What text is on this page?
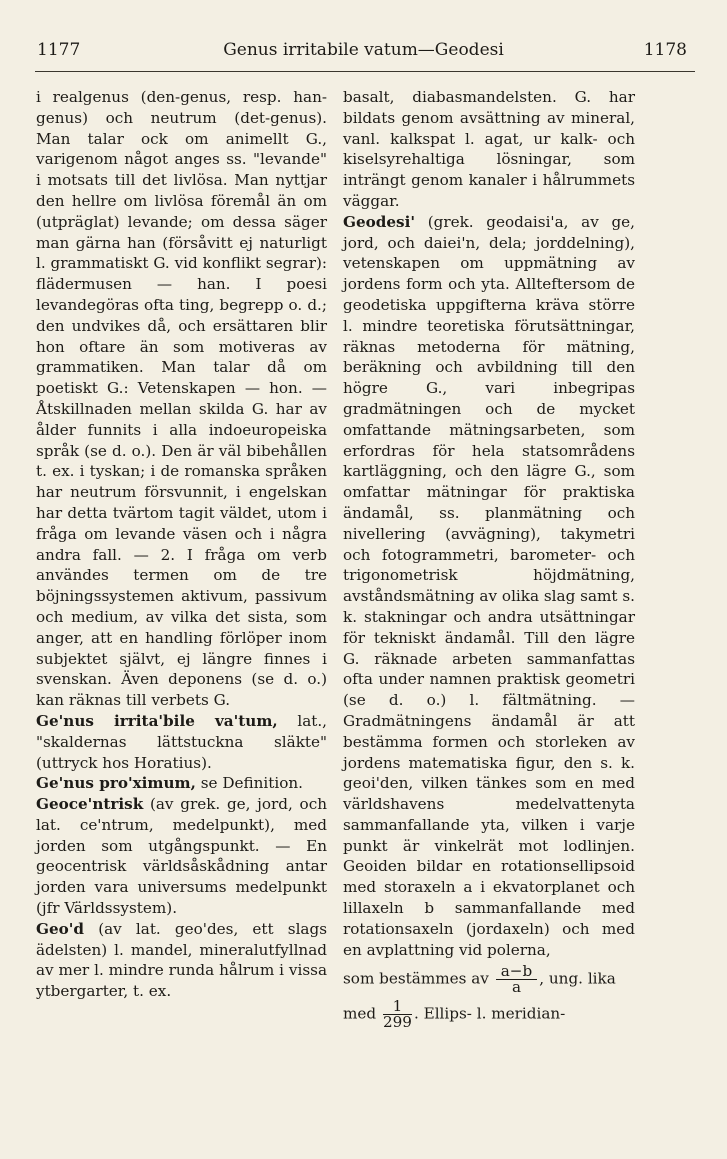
1177	Genus irritabile vatum—Geodesi	1178

i realgenus (den-genus, resp. han-genus) och neutrum (det-genus). Man talar ock om animellt G., varigenom något anges ss. "levande" i motsats till det livlösa. Man nyttjar den hellre om livlösa föremål än om (utpräglat) levande; om dessa säger man gärna han (försåvitt ej naturligt l. grammatiskt G. vid konflikt segrar): flädermusen — han. I poesi levandegöras ofta ting, begrepp o. d.; den undvikes då, och ersättaren blir hon oftare än som motiveras av grammatiken. Man talar då om poetiskt G.: Vetenskapen — hon. — Åtskillnaden mellan skilda G. har av ålder funnits i alla indoeuropeiska språk (se d. o.). Den är väl bibehållen t. ex. i tyskan; i de romanska språken har neutrum försvunnit, i engelskan har detta tvärtom tagit väldet, utom i fråga om levande väsen och i några andra fall. — 2. I fråga om verb användes termen om de tre böjningssystemen aktivum, passivum och medium, av vilka det sista, som anger, att en handling förlöper inom subjektet självt, ej längre finnes i svenskan. Även deponens (se d. o.) kan räknas till verbets G.

Ge'nus irrita'bile va'tum, lat., "skaldernas lättstuckna släkte" (uttryck hos Horatius).

Ge'nus pro'ximum, se Definition.

Geoce'ntrisk (av grek. ge, jord, och lat. ce'ntrum, medelpunkt), med jorden som utgångspunkt. — En geocentrisk världsåskådning antar jorden vara universums medelpunkt (jfr Världssystem).

Geo'd (av lat. geo'des, ett slags ädelsten) l. mandel, mineralutfyllnad av mer l. mindre runda hålrum i vissa ytbergarter, t. ex.

basalt, diabasmandelsten. G. har bildats genom avsättning av mineral, vanl. kalkspat l. agat, ur kalk- och kiselsyrehaltiga lösningar, som inträngt genom kanaler i hålrummets väggar.

Geodesi' (grek. geodaisi'a, av ge, jord, och daiei'n, dela; jorddelning), vetenskapen om uppmätning av jordens form och yta. Allteftersom de geodetiska uppgifterna kräva större l. mindre teoretiska förutsättningar, räknas metoderna för mätning, beräkning och avbildning till den högre G., vari inbegripas gradmätningen och de mycket omfattande mätningsarbeten, som erfordras för hela statsområdens kartläggning, och den lägre G., som omfattar mätningar för praktiska ändamål, ss. planmätning och nivellering (avvägning), takymetri och fotogrammetri, barometer- och trigonometrisk höjdmätning, avståndsmätning av olika slag samt s. k. stakningar och andra utsättningar för tekniskt ändamål. Till den lägre G. räknade arbeten sammanfattas ofta under namnen praktisk geometri (se d. o.) l. fältmätning. — Gradmätningens ändamål är att bestämma formen och storleken av jordens matematiska figur, den s. k. geoi'den, vilken tänkes som en med världshavens medelvattenyta sammanfallande yta, vilken i varje punkt är vinkelrät mot lodlinjen. Geoiden bildar en rotationsellipsoid med storaxeln a i ekvatorplanet och lillaxeln b sammanfallande med rotationsaxeln (jordaxeln) och med en avplattning vid polerna,

som bestämmes av $\frac{a-b}{a}$ , ung. lika

med $\frac{1}{299}$ . Ellips- l. meridian-
